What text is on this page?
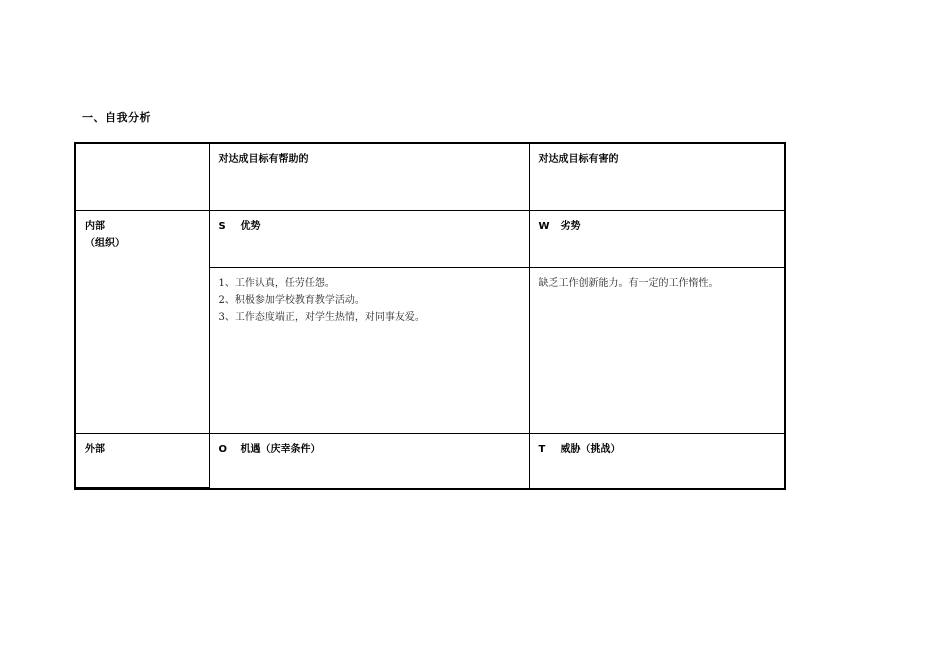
一、自我分析

	对达成目标有帮助的	对达成目标有害的

内部
（组织）	S 优势	W 劣势

	1、工作认真，任劳任怨。
2、积极参加学校教育教学活动。
3、工作态度端正，对学生热情，对同事友爱。	缺乏工作创新能力。有一定的工作惰性。

外部	O 机遇（庆幸条件）	T 威胁（挑战）
